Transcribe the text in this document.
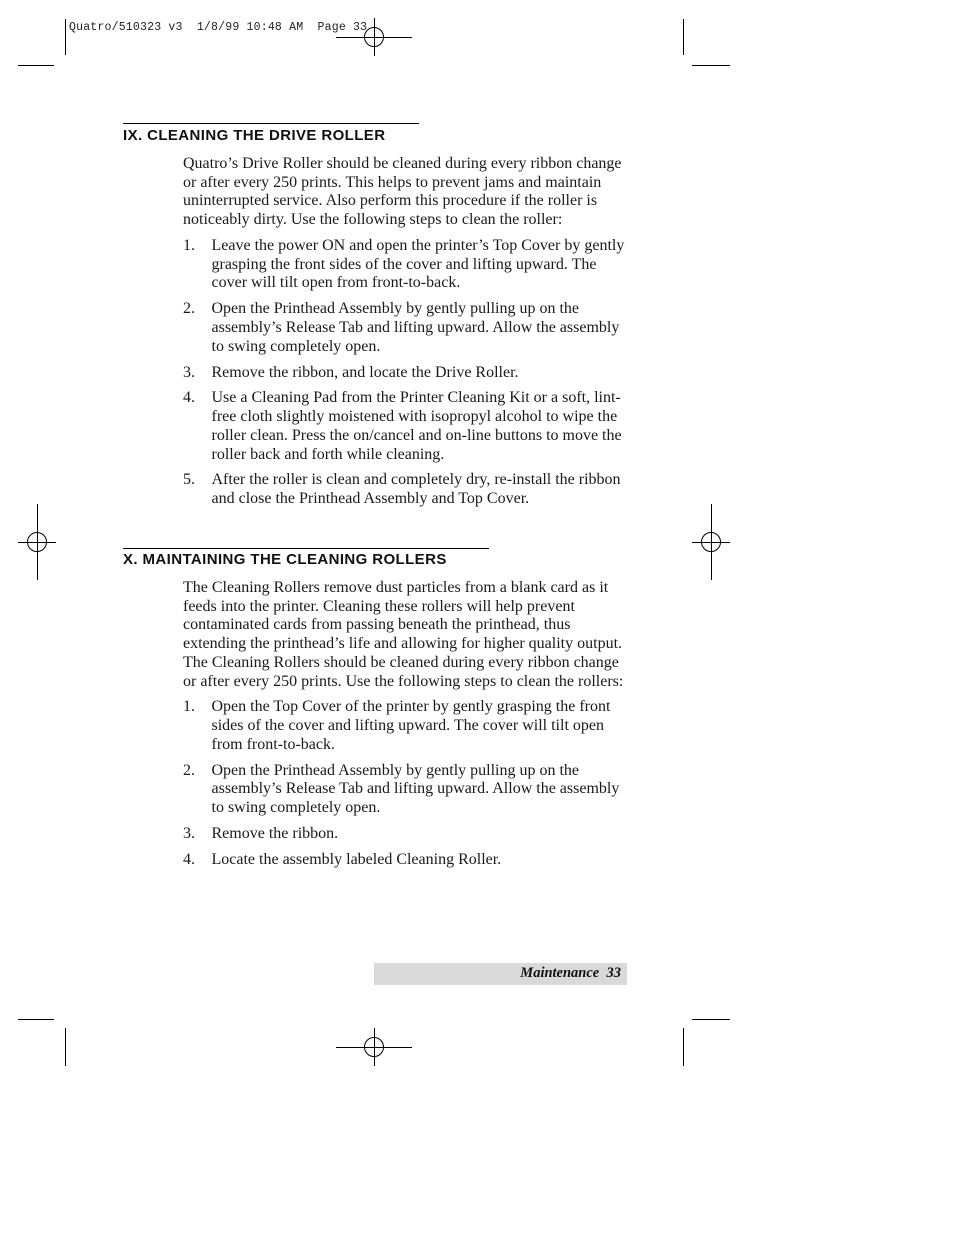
Quatro/510323 v3  1/8/99 10:48 AM  Page 33
IX. CLEANING THE DRIVE ROLLER

Quatro’s Drive Roller should be cleaned during every ribbon change or after every 250 prints. This helps to prevent jams and maintain uninterrupted service. Also perform this procedure if the roller is noticeably dirty. Use the following steps to clean the roller:

1. Leave the power ON and open the printer’s Top Cover by gently grasping the front sides of the cover and lifting upward. The cover will tilt open from front-to-back.
2. Open the Printhead Assembly by gently pulling up on the assembly’s Release Tab and lifting upward. Allow the assembly to swing completely open.
3. Remove the ribbon, and locate the Drive Roller.
4. Use a Cleaning Pad from the Printer Cleaning Kit or a soft, lint-free cloth slightly moistened with isopropyl alcohol to wipe the roller clean. Press the on/cancel and on-line buttons to move the roller back and forth while cleaning.
5. After the roller is clean and completely dry, re-install the ribbon and close the Printhead Assembly and Top Cover.
X. MAINTAINING THE CLEANING ROLLERS

The Cleaning Rollers remove dust particles from a blank card as it feeds into the printer. Cleaning these rollers will help prevent contaminated cards from passing beneath the printhead, thus extending the printhead’s life and allowing for higher quality output. The Cleaning Rollers should be cleaned during every ribbon change or after every 250 prints. Use the following steps to clean the rollers:

1. Open the Top Cover of the printer by gently grasping the front sides of the cover and lifting upward. The cover will tilt open from front-to-back.
2. Open the Printhead Assembly by gently pulling up on the assembly’s Release Tab and lifting upward. Allow the assembly to swing completely open.
3. Remove the ribbon.
4. Locate the assembly labeled Cleaning Roller.
Maintenance  33
